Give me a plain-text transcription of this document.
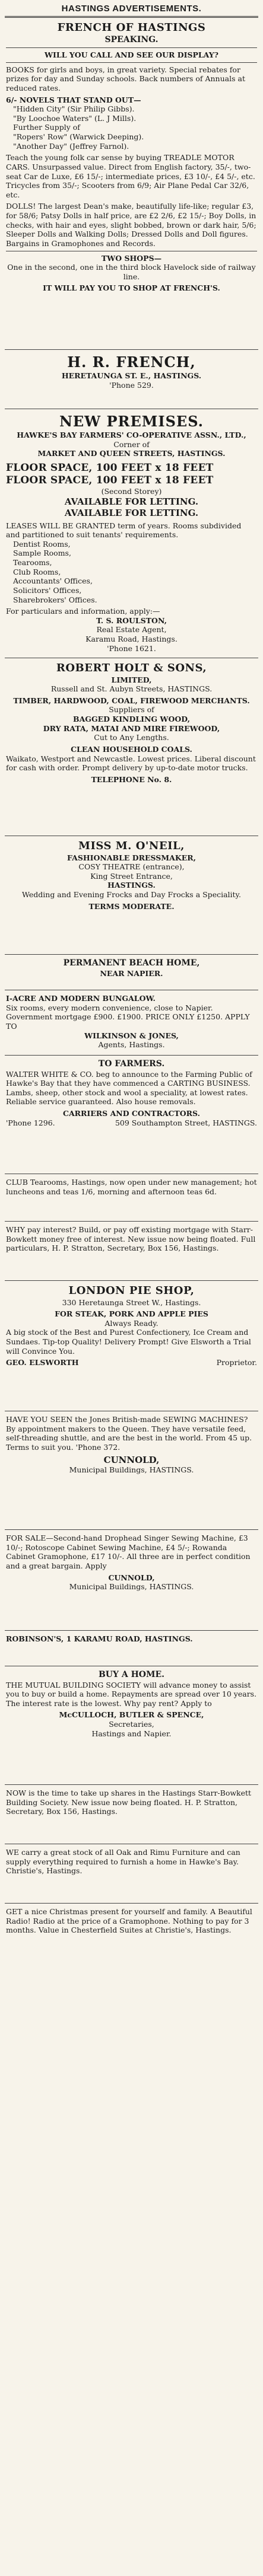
HASTINGS ADVERTISEMENTS.
FRENCH OF HASTINGS
SPEAKING.
WILL YOU CALL AND SEE OUR DISPLAY?
BOOKS for girls and boys, in great variety. Special rebates for prizes for day and Sunday schools. Back numbers of Annuals at reduced rates.
6/- NOVELS THAT STAND OUT—
"Hidden City" (Sir Philip Gibbs).
"By Loochoe Waters" (L. J Mills).
Further Supply of
"Ropers' Row" (Warwick Deeping).
"Another Day" (Jeffrey Farnol).
Teach the young folk car sense by buying TREADLE MOTOR CARS. Unsurpassed value. Direct from English factory, 35/-, two-seat Car de Luxe, £6 15/-; intermediate prices, £3 10/-, £4 5/-, etc. Tricycles from 35/-; Scooters from 6/9; Air Plane Pedal Car 32/6, etc.
DOLLS! The largest Dean's make, beautifully life-like; regular £3, for 58/6; Patsy Dolls in half price, are £2 2/6, £2 15/-; Boy Dolls, in checks, with hair and eyes, slight bobbed, brown or dark hair, 5/6; Sleeper Dolls and Walking Dolls; Dressed Dolls and Doll figures. Bargains in Gramophones and Records.
TWO SHOPS—
One in the second, one in the third block Havelock side of railway line.
IT WILL PAY YOU TO SHOP AT FRENCH'S.
H. R. FRENCH,
HERETAUNGA ST. E., HASTINGS.
'Phone 529.
NEW PREMISES.
HAWKE'S BAY FARMERS' CO-OPERATIVE ASSN., LTD.,
Corner of
MARKET AND QUEEN STREETS, HASTINGS.
FLOOR SPACE, 100 FEET x 18 FEET
FLOOR SPACE, 100 FEET x 18 FEET
(Second Storey)
AVAILABLE FOR LETTING.
AVAILABLE FOR LETTING.
LEASES WILL BE GRANTED term of years. Rooms subdivided and partitioned to suit tenants' requirements.
Dentist Rooms,
Sample Rooms,
Tearooms,
Club Rooms,
Accountants' Offices,
Solicitors' Offices,
Sharebrokers' Offices.
For particulars and information, apply:—
T. S. ROULSTON,
Real Estate Agent,
Karamu Road, Hastings.
'Phone 1621.
ROBERT HOLT & SONS,
LIMITED,
Russell and St. Aubyn Streets, HASTINGS.
TIMBER, HARDWOOD, COAL, FIREWOOD MERCHANTS.
Suppliers of
BAGGED KINDLING WOOD,
DRY RATA, MATAI AND MIRE FIREWOOD,
Cut to Any Lengths.
CLEAN HOUSEHOLD COALS.
Waikato, Westport and Newcastle. Lowest prices. Liberal discount for cash with order. Prompt delivery by up-to-date motor trucks.
TELEPHONE No. 8.
MISS M. O'NEIL,
FASHIONABLE DRESSMAKER,
COSY THEATRE (entrance),
King Street Entrance,
HASTINGS.
Wedding and Evening Frocks and Day Frocks a Speciality.
TERMS MODERATE.
PERMANENT BEACH HOME,
NEAR NAPIER.
I-ACRE AND MODERN BUNGALOW.
Six rooms, every modern convenience, close to Napier. Government mortgage £900. £1900. PRICE ONLY £1250. APPLY TO
WILKINSON & JONES,
Agents, Hastings.
TO FARMERS.
WALTER WHITE & CO. beg to announce to the Farming Public of Hawke's Bay that they have commenced a CARTING BUSINESS. Lambs, sheep, other stock and wool a speciality, at lowest rates. Reliable service guaranteed. Also house removals.
CARRIERS AND CONTRACTORS.
'Phone 1296.	509 Southampton Street, HASTINGS.
CLUB Tearooms, Hastings, now open under new management; hot luncheons and teas 1/6, morning and afternoon teas 6d.
WHY pay interest? Build, or pay off existing mortgage with Starr-Bowkett money free of interest. New issue now being floated. Full particulars, H. P. Stratton, Secretary, Box 156, Hastings.
LONDON PIE SHOP,
330 Heretaunga Street W., Hastings.
FOR STEAK, PORK AND APPLE PIES
Always Ready.
A big stock of the Best and Purest Confectionery, Ice Cream and Sundaes. Tip-top Quality! Delivery Prompt! Give Elsworth a Trial will Convince You.
GEO. ELSWORTH	Proprietor.
HAVE YOU SEEN the Jones British-made SEWING MACHINES? By appointment makers to the Queen. They have versatile feed, self-threading shuttle, and are the best in the world. From 45 up. Terms to suit you. 'Phone 372.
CUNNOLD,
Municipal Buildings, HASTINGS.
FOR SALE—Second-hand Drophead Singer Sewing Machine, £3 10/-; Rotoscope Cabinet Sewing Machine, £4 5/-; Rowanda Cabinet Gramophone, £17 10/-. All three are in perfect condition and a great bargain. Apply
CUNNOLD,
Municipal Buildings, HASTINGS.
ROBINSON'S, 1 KARAMU ROAD, HASTINGS.
BUY A HOME.
THE MUTUAL BUILDING SOCIETY will advance money to assist you to buy or build a home. Repayments are spread over 10 years. The interest rate is the lowest. Why pay rent? Apply to
McCULLOCH, BUTLER & SPENCE,
Secretaries,
Hastings and Napier.
NOW is the time to take up shares in the Hastings Starr-Bowkett Building Society. New issue now being floated. H. P. Stratton, Secretary, Box 156, Hastings.
WE carry a great stock of all Oak and Rimu Furniture and can supply everything required to furnish a home in Hawke's Bay. Christie's, Hastings.
GET a nice Christmas present for yourself and family. A Beautiful Radio! Radio at the price of a Gramophone. Nothing to pay for 3 months. Value in Chesterfield Suites at Christie's, Hastings.
